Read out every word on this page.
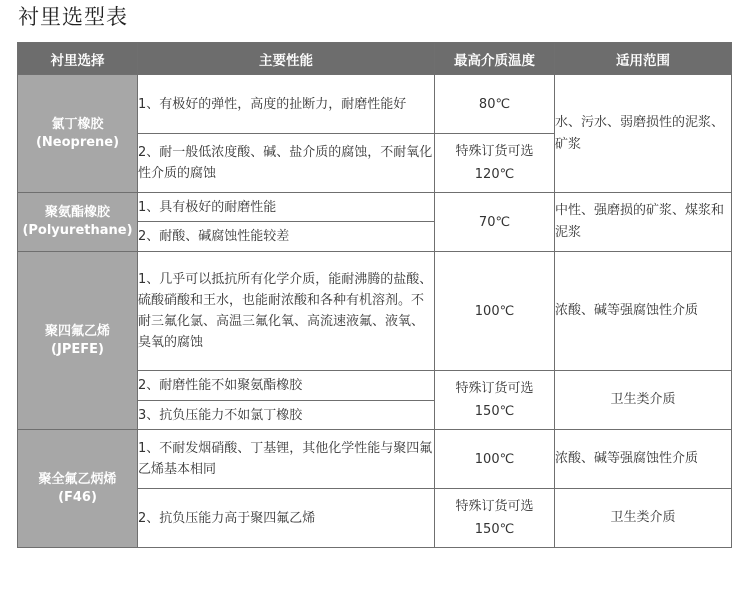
衬里选型表
衬里选择	主要性能	最高介质温度	适用范围

氯丁橡胶
(Neoprene)	1、有极好的弹性，高度的扯断力，耐磨性能好	80℃	水、污水、弱磨损性的泥浆、矿浆
	2、耐一般低浓度酸、碱、盐介质的腐蚀，不耐氧化性介质的腐蚀	特殊订货可选 120℃	

聚氨酯橡胶
(Polyurethane)	1、具有极好的耐磨性能	70℃	中性、强磨损的矿浆、煤浆和泥浆
	2、耐酸、碱腐蚀性能较差		

聚四氟乙烯
(JPEFE)	1、几乎可以抵抗所有化学介质，能耐沸腾的盐酸、硫酸硝酸和王水，也能耐浓酸和各种有机溶剂。不耐三氟化氯、高温三氟化氧、高流速液氟、液氧、臭氧的腐蚀	100℃	浓酸、碱等强腐蚀性介质
	2、耐磨性能不如聚氨酯橡胶	特殊订货可选 150℃	卫生类介质
	3、抗负压能力不如氯丁橡胶		

聚全氟乙炳烯
(F46)	1、不耐发烟硝酸、丁基锂，其他化学性能与聚四氟乙烯基本相同	100℃	浓酸、碱等强腐蚀性介质
	2、抗负压能力高于聚四氟乙烯	特殊订货可选 150℃	卫生类介质
